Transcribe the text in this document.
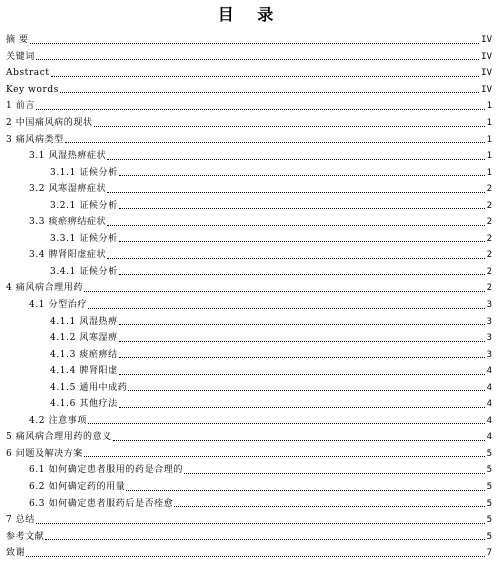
目 录
摘 要	IV
关键词	IV
Abstract	IV
Key words	IV
1 前言	1
2 中国痛风病的现状	1
3 痛风病类型	1
3.1 风湿热痹症状	1
3.1.1 证候分析	1
3.2 风寒湿痹症状	2
3.2.1 证候分析	2
3.3 痰瘀痹结症状	2
3.3.1 证候分析	2
3.4 脾肾阳虚症状	2
3.4.1 证候分析	2
4 痛风病合理用药	2
4.1 分型治疗	3
4.1.1 风湿热痹	3
4.1.2 风寒湿痹	3
4.1.3 痰瘀痹结	3
4.1.4 脾肾阳虚	4
4.1.5 通用中成药	4
4.1.6 其他疗法	4
4.2 注意事项	4
5 痛风病合理用药的意义	4
6 问题及解决方案	5
6.1 如何确定患者服用的药是合理的	5
6.2 如何确定药的用量	5
6.3 如何确定患者服药后是否痊愈	5
7 总结	5
参考文献	5
致谢	7
